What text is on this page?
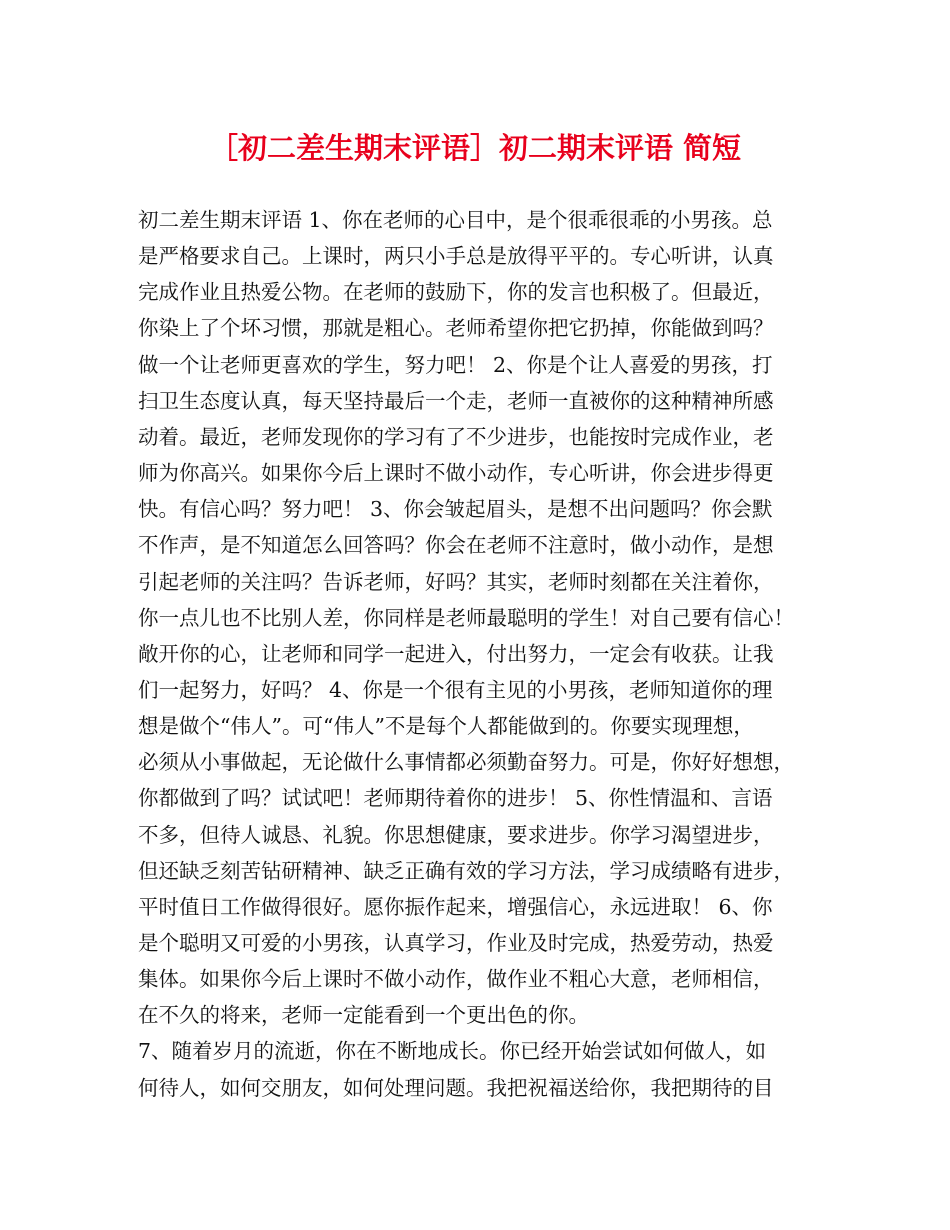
［初二差生期末评语］初二期末评语 简短
初二差生期末评语 1、你在老师的心目中，是个很乖很乖的小男孩。总
是严格要求自己。上课时，两只小手总是放得平平的。专心听讲，认真
完成作业且热爱公物。在老师的鼓励下，你的发言也积极了。但最近，
你染上了个坏习惯，那就是粗心。老师希望你把它扔掉，你能做到吗？
做一个让老师更喜欢的学生，努力吧！ 2、你是个让人喜爱的男孩，打
扫卫生态度认真，每天坚持最后一个走，老师一直被你的这种精神所感
动着。最近，老师发现你的学习有了不少进步，也能按时完成作业，老
师为你高兴。如果你今后上课时不做小动作，专心听讲，你会进步得更
快。有信心吗？努力吧！ 3、你会皱起眉头，是想不出问题吗？你会默
不作声，是不知道怎么回答吗？你会在老师不注意时，做小动作，是想
引起老师的关注吗？告诉老师，好吗？其实，老师时刻都在关注着你，
你一点儿也不比别人差，你同样是老师最聪明的学生！对自己要有信心！
敞开你的心，让老师和同学一起进入，付出努力，一定会有收获。让我
们一起努力，好吗？ 4、你是一个很有主见的小男孩，老师知道你的理
想是做个“伟人”。可“伟人”不是每个人都能做到的。你要实现理想，
必须从小事做起，无论做什么事情都必须勤奋努力。可是，你好好想想，
你都做到了吗？试试吧！老师期待着你的进步！ 5、你性情温和、言语
不多，但待人诚恳、礼貌。你思想健康，要求进步。你学习渴望进步，
但还缺乏刻苦钻研精神、缺乏正确有效的学习方法，学习成绩略有进步，
平时值日工作做得很好。愿你振作起来，增强信心，永远进取！ 6、你
是个聪明又可爱的小男孩，认真学习，作业及时完成，热爱劳动，热爱
集体。如果你今后上课时不做小动作，做作业不粗心大意，老师相信，
在不久的将来，老师一定能看到一个更出色的你。
7、随着岁月的流逝，你在不断地成长。你已经开始尝试如何做人，如
何待人，如何交朋友，如何处理问题。我把祝福送给你，我把期待的目
